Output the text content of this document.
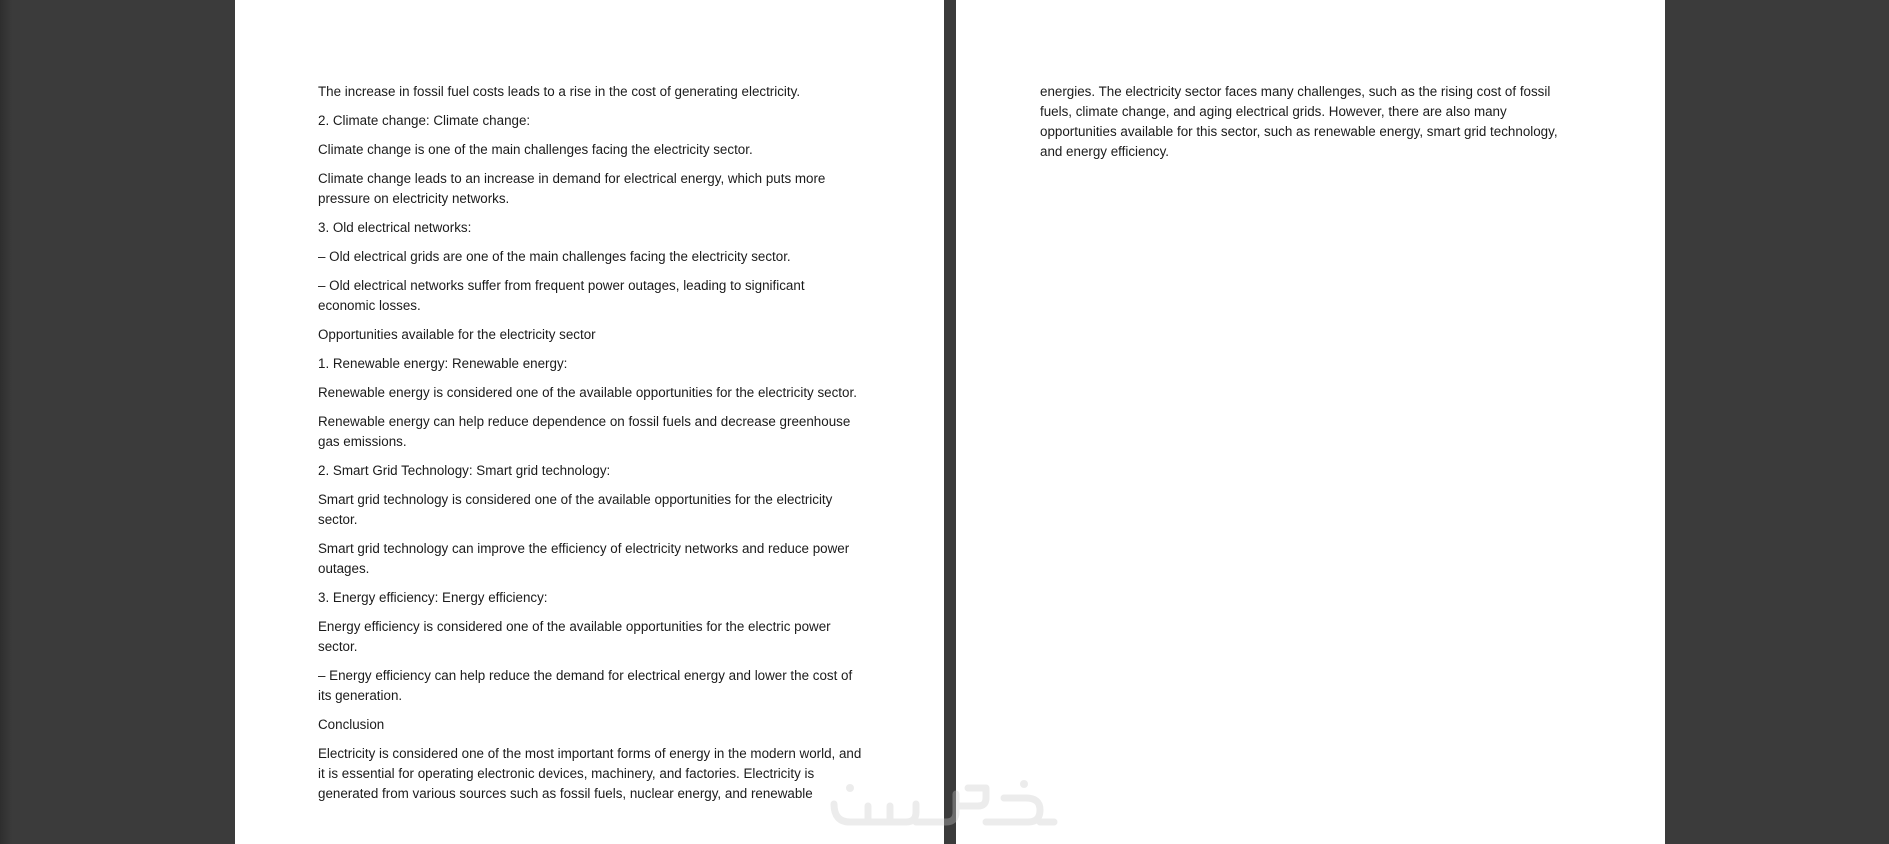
The increase in fossil fuel costs leads to a rise in the cost of generating electricity.

2. Climate change: Climate change:

Climate change is one of the main challenges facing the electricity sector.

Climate change leads to an increase in demand for electrical energy, which puts more pressure on electricity networks.

3. Old electrical networks:

– Old electrical grids are one of the main challenges facing the electricity sector.

– Old electrical networks suffer from frequent power outages, leading to significant economic losses.

Opportunities available for the electricity sector

1. Renewable energy: Renewable energy:

Renewable energy is considered one of the available opportunities for the electricity sector.

Renewable energy can help reduce dependence on fossil fuels and decrease greenhouse gas emissions.

2. Smart Grid Technology: Smart grid technology:

Smart grid technology is considered one of the available opportunities for the electricity sector.

Smart grid technology can improve the efficiency of electricity networks and reduce power outages.

3. Energy efficiency: Energy efficiency:

Energy efficiency is considered one of the available opportunities for the electric power sector.

– Energy efficiency can help reduce the demand for electrical energy and lower the cost of its generation.

Conclusion

Electricity is considered one of the most important forms of energy in the modern world, and it is essential for operating electronic devices, machinery, and factories. Electricity is generated from various sources such as fossil fuels, nuclear energy, and renewable

energies. The electricity sector faces many challenges, such as the rising cost of fossil fuels, climate change, and aging electrical grids. However, there are also many opportunities available for this sector, such as renewable energy, smart grid technology, and energy efficiency.
